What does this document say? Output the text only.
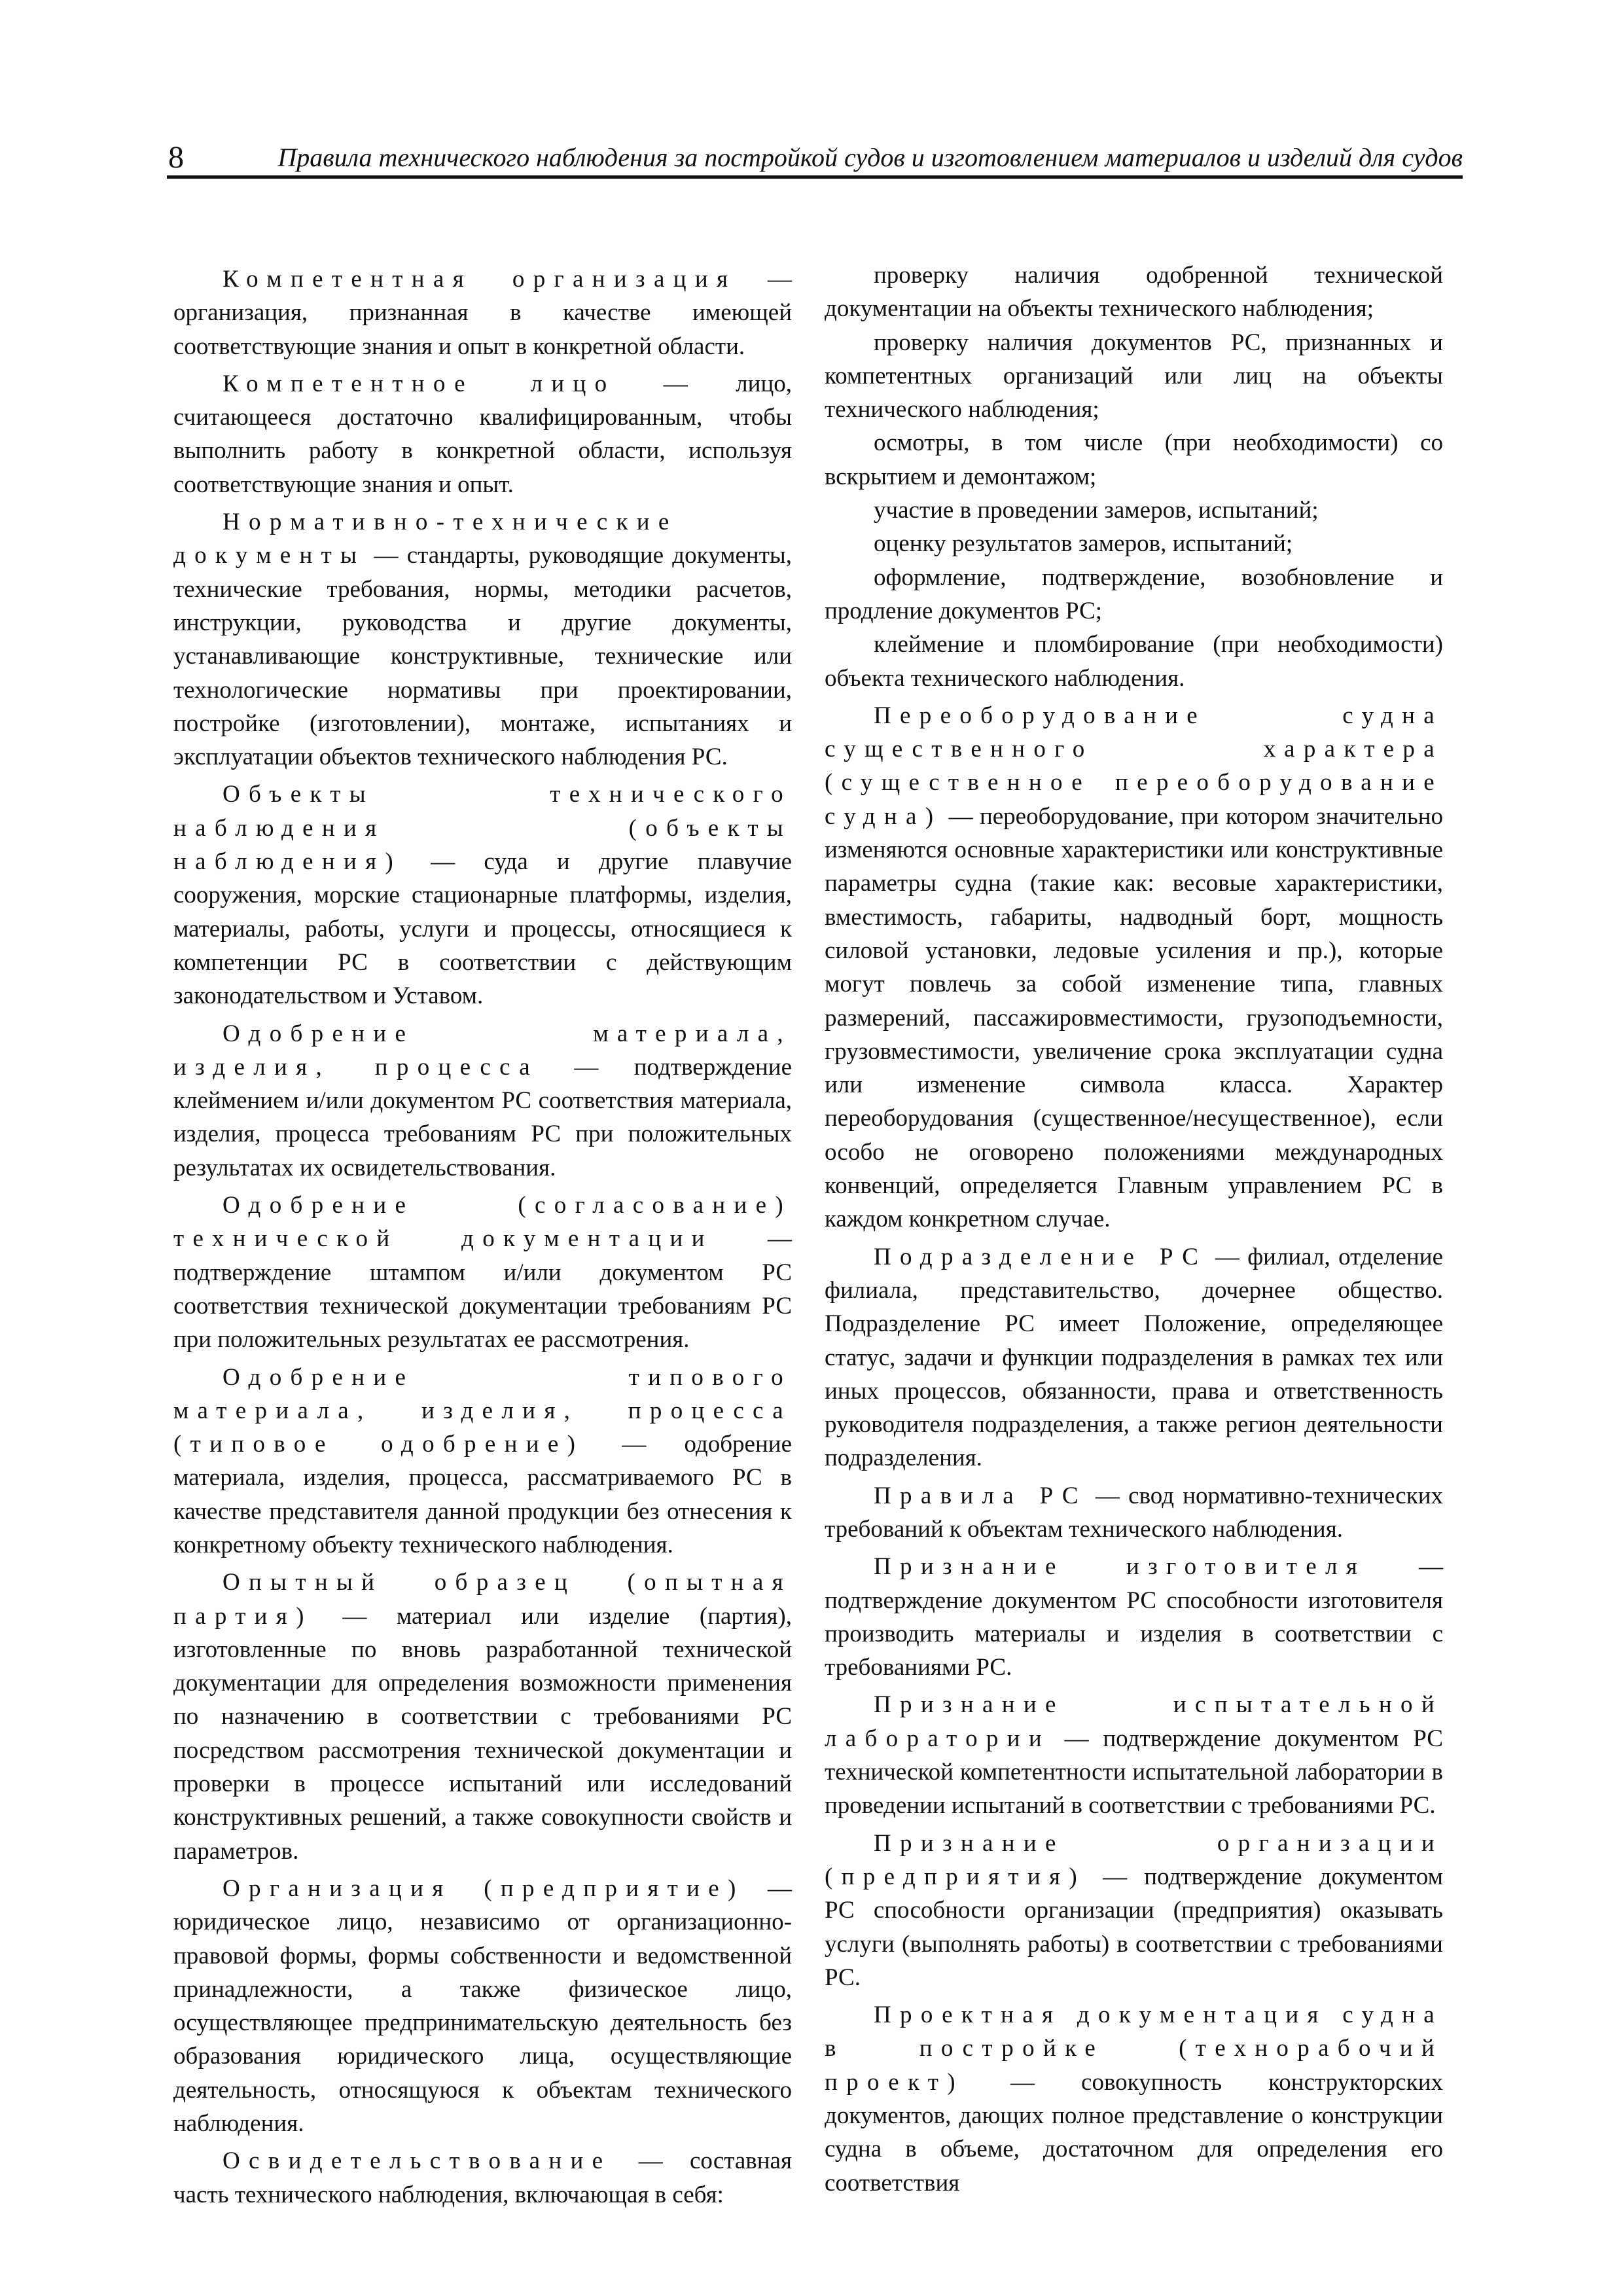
8	Правила технического наблюдения за постройкой судов и изготовлением материалов и изделий для судов

Компетентная организация — организация, признанная в качестве имеющей соответствующие знания и опыт в конкретной области.

Компетентное лицо — лицо, считающееся достаточно квалифицированным, чтобы выполнить работу в конкретной области, используя соответствующие знания и опыт.

Нормативно-технические документы — стандарты, руководящие документы, технические требования, нормы, методики расчетов, инструкции, руководства и другие документы, устанавливающие конструктивные, технические или технологические нормативы при проектировании, постройке (изготовлении), монтаже, испытаниях и эксплуатации объектов технического наблюдения РС.

Объекты технического наблюдения (объекты наблюдения) — суда и другие плавучие сооружения, морские стационарные платформы, изделия, материалы, работы, услуги и процессы, относящиеся к компетенции РС в соответствии с действующим законодательством и Уставом.

Одобрение материала, изделия, процесса — подтверждение клеймением и/или документом РС соответствия материала, изделия, процесса требованиям РС при положительных результатах их освидетельствования.

Одобрение (согласование) технической документации — подтверждение штампом и/или документом РС соответствия технической документации требованиям РС при положительных результатах ее рассмотрения.

Одобрение типового материала, изделия, процесса (типовое одобрение) — одобрение материала, изделия, процесса, рассматриваемого РС в качестве представителя данной продукции без отнесения к конкретному объекту технического наблюдения.

Опытный образец (опытная партия) — материал или изделие (партия), изготовленные по вновь разработанной технической документации для определения возможности применения по назначению в соответствии с требованиями РС посредством рассмотрения технической документации и проверки в процессе испытаний или исследований конструктивных решений, а также совокупности свойств и параметров.

Организация (предприятие) — юридическое лицо, независимо от организационно-правовой формы, формы собственности и ведомственной принадлежности, а также физическое лицо, осуществляющее предпринимательскую деятельность без образования юридического лица, осуществляющие деятельность, относящуюся к объектам технического наблюдения.

Освидетельствование — составная часть технического наблюдения, включающая в себя:

проверку наличия одобренной технической документации на объекты технического наблюдения;

проверку наличия документов РС, признанных и компетентных организаций или лиц на объекты технического наблюдения;

осмотры, в том числе (при необходимости) со вскрытием и демонтажом;

участие в проведении замеров, испытаний;

оценку результатов замеров, испытаний;

оформление, подтверждение, возобновление и продление документов РС;

клеймение и пломбирование (при необходимости) объекта технического наблюдения.

Переоборудование судна существенного характера (существенное переоборудование судна) — переоборудование, при котором значительно изменяются основные характеристики или конструктивные параметры судна (такие как: весовые характеристики, вместимость, габариты, надводный борт, мощность силовой установки, ледовые усиления и пр.), которые могут повлечь за собой изменение типа, главных размерений, пассажировместимости, грузоподъемности, грузовместимости, увеличение срока эксплуатации судна или изменение символа класса. Характер переоборудования (существенное/несущественное), если особо не оговорено положениями международных конвенций, определяется Главным управлением РС в каждом конкретном случае.

Подразделение РС — филиал, отделение филиала, представительство, дочернее общество. Подразделение РС имеет Положение, определяющее статус, задачи и функции подразделения в рамках тех или иных процессов, обязанности, права и ответственность руководителя подразделения, а также регион деятельности подразделения.

Правила РС — свод нормативно-технических требований к объектам технического наблюдения.

Признание изготовителя — подтверждение документом РС способности изготовителя производить материалы и изделия в соответствии с требованиями РС.

Признание испытательной лаборатории — подтверждение документом РС технической компетентности испытательной лаборатории в проведении испытаний в соответствии с требованиями РС.

Признание организации (предприятия) — подтверждение документом РС способности организации (предприятия) оказывать услуги (выполнять работы) в соответствии с требованиями РС.

Проектная документация судна в постройке (технорабочий проект) — совокупность конструкторских документов, дающих полное представление о конструкции судна в объеме, достаточном для определения его соответствия
